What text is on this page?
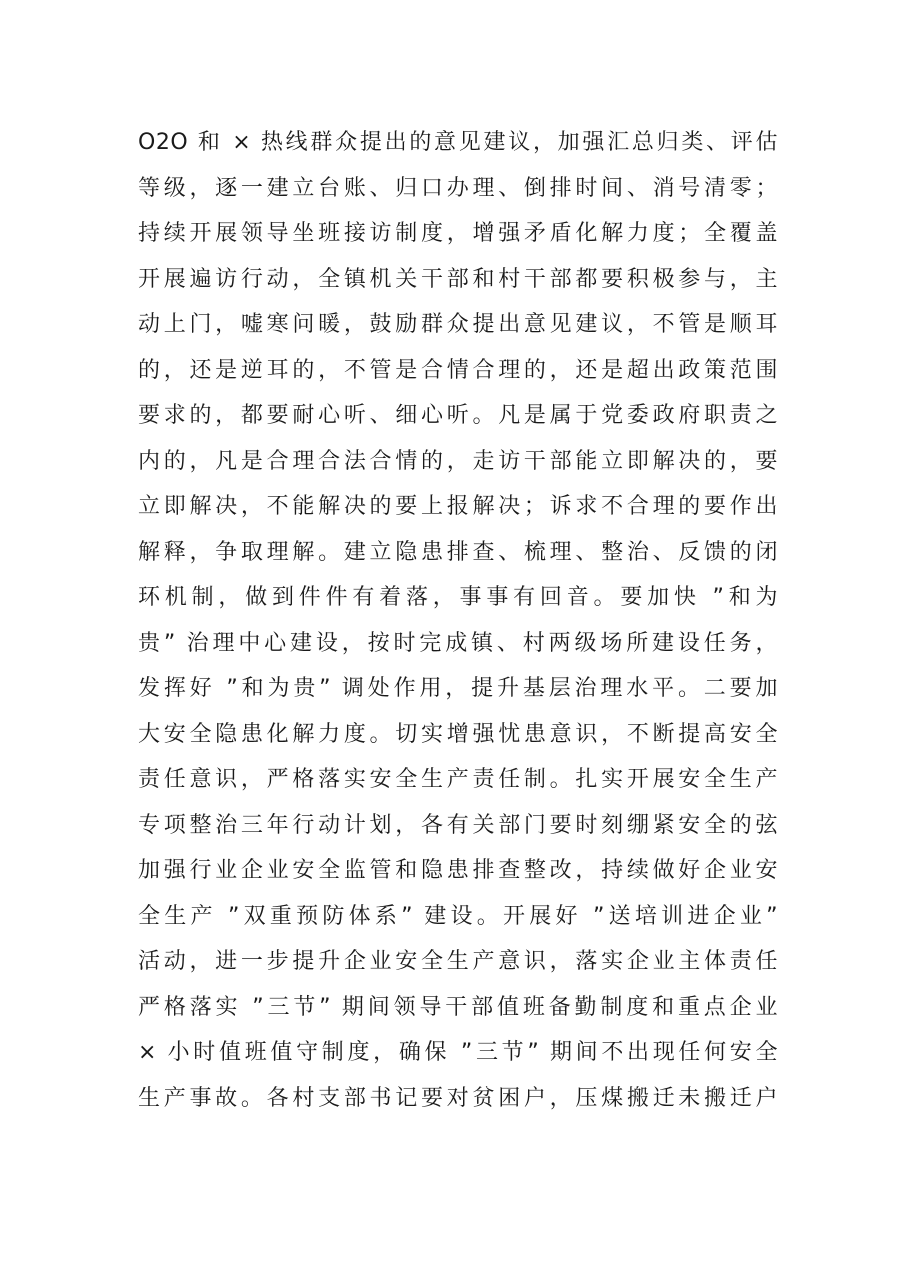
O2O 和 × 热线群众提出的意见建议，加强汇总归类、评估
等级，逐一建立台账、归口办理、倒排时间、消号清零；
持续开展领导坐班接访制度，增强矛盾化解力度；全覆盖
开展遍访行动，全镇机关干部和村干部都要积极参与，主
动上门，嘘寒问暖，鼓励群众提出意见建议，不管是顺耳
的，还是逆耳的，不管是合情合理的，还是超出政策范围
要求的，都要耐心听、细心听。凡是属于党委政府职责之
内的，凡是合理合法合情的，走访干部能立即解决的，要
立即解决，不能解决的要上报解决；诉求不合理的要作出
解释，争取理解。建立隐患排查、梳理、整治、反馈的闭
环机制，做到件件有着落，事事有回音。要加快 ”和为
贵” 治理中心建设，按时完成镇、村两级场所建设任务，
发挥好 ”和为贵” 调处作用，提升基层治理水平。二要加
大安全隐患化解力度。切实增强忧患意识，不断提高安全
责任意识，严格落实安全生产责任制。扎实开展安全生产
专项整治三年行动计划，各有关部门要时刻绷紧安全的弦
加强行业企业安全监管和隐患排查整改，持续做好企业安
全生产 ”双重预防体系” 建设。开展好 ”送培训进企业”
活动，进一步提升企业安全生产意识，落实企业主体责任
严格落实 ”三节” 期间领导干部值班备勤制度和重点企业
× 小时值班值守制度，确保 ”三节” 期间不出现任何安全
生产事故。各村支部书记要对贫困户，压煤搬迁未搬迁户
